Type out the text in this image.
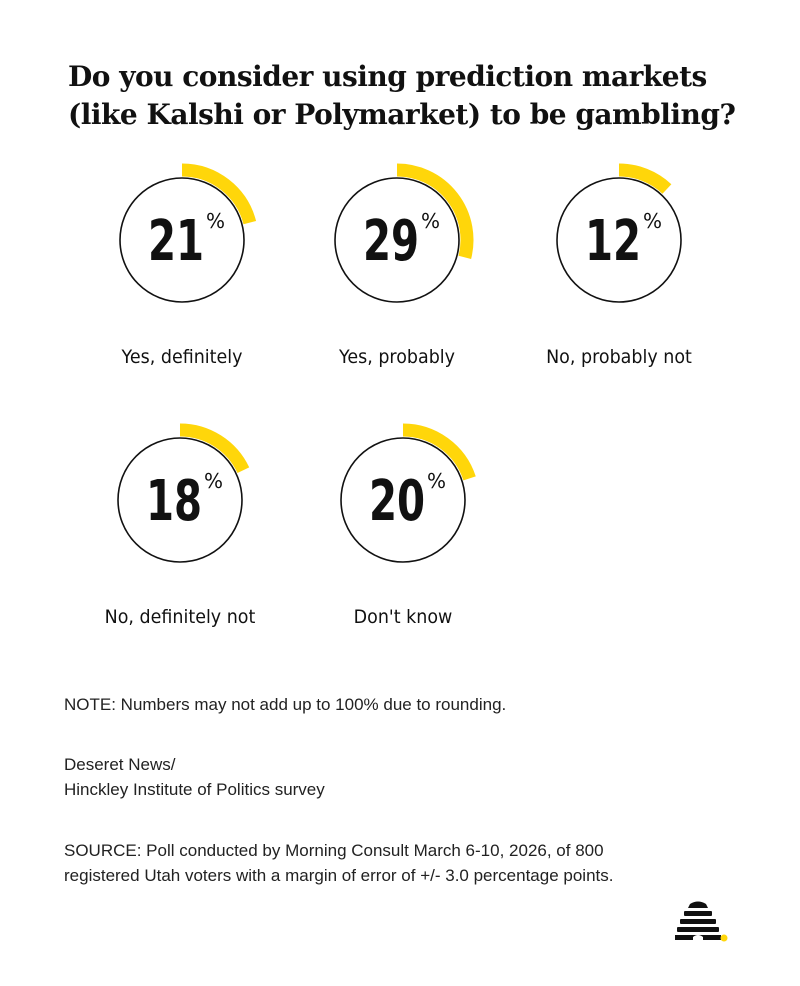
Do you consider using prediction markets (like Kalshi or Polymarket) to be gambling?
21 %
Yes, definitely
29 %
Yes, probably
12 %
No, probably not
18 %
No, definitely not
20 %
Don't know

NOTE: Numbers may not add up to 100% due to rounding.

Deseret News/
Hinckley Institute of Politics survey

SOURCE: Poll conducted by Morning Consult March 6-10, 2026, of 800
registered Utah voters with a margin of error of +/- 3.0 percentage points.
